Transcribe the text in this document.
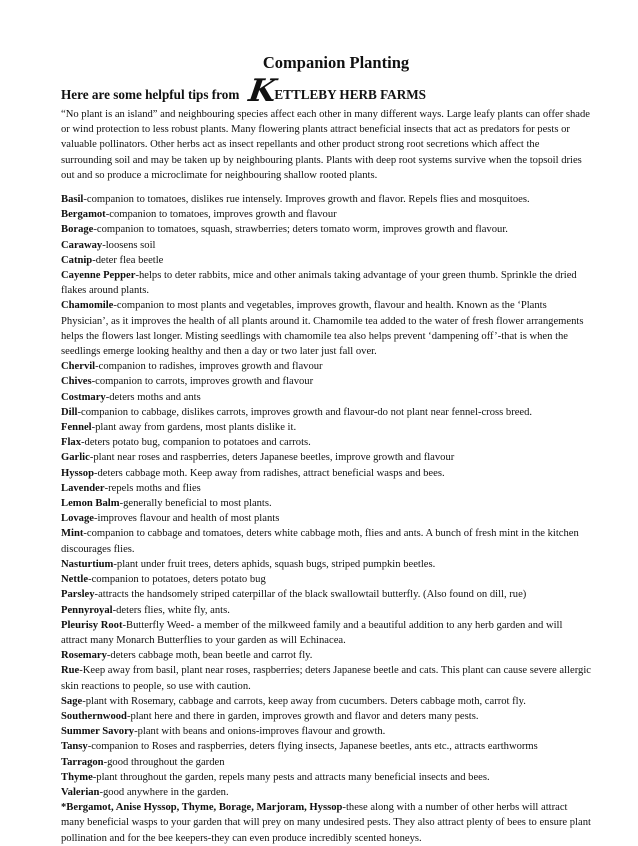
Companion Planting
Here are some helpful tips from K
ETTLEBY HERB FARMS

“No plant is an island” and neighbouring species affect each other in many different ways. Large leafy plants can offer shade or wind protection to less robust plants. Many flowering plants attract beneficial insects that act as predators for pests or valuable pollinators. Other herbs act as insect repellants and other product strong root secretions which affect the surrounding soil and may be taken up by neighbouring plants. Plants with deep root systems survive when the topsoil dries out and so produce a microclimate for neighbouring shallow rooted plants.

Basil-companion to tomatoes, dislikes rue intensely. Improves growth and flavor. Repels flies and mosquitoes.

Bergamot-companion to tomatoes, improves growth and flavour

Borage-companion to tomatoes, squash, strawberries; deters tomato worm, improves growth and flavour.

Caraway-loosens soil

Catnip-deter flea beetle

Cayenne Pepper-helps to deter rabbits, mice and other animals taking advantage of your green thumb. Sprinkle the dried flakes around plants.

Chamomile-companion to most plants and vegetables, improves growth, flavour and health. Known as the ‘Plants Physician’, as it improves the health of all plants around it. Chamomile tea added to the water of fresh flower arrangements helps the flowers last longer. Misting seedlings with chamomile tea also helps prevent ‘dampening off’-that is when the seedlings emerge looking healthy and then a day or two later just fall over.

Chervil-companion to radishes, improves growth and flavour

Chives-companion to carrots, improves growth and flavour

Costmary-deters moths and ants

Dill-companion to cabbage, dislikes carrots, improves growth and flavour-do not plant near fennel-cross breed.

Fennel-plant away from gardens, most plants dislike it.

Flax-deters potato bug, companion to potatoes and carrots.

Garlic-plant near roses and raspberries, deters Japanese beetles, improve growth and flavour

Hyssop-deters cabbage moth. Keep away from radishes, attract beneficial wasps and bees.

Lavender-repels moths and flies

Lemon Balm-generally beneficial to most plants.

Lovage-improves flavour and health of most plants

Mint-companion to cabbage and tomatoes, deters white cabbage moth, flies and ants. A bunch of fresh mint in the kitchen discourages flies.

Nasturtium-plant under fruit trees, deters aphids, squash bugs, striped pumpkin beetles.

Nettle-companion to potatoes, deters potato bug

Parsley-attracts the handsomely striped caterpillar of the black swallowtail butterfly. (Also found on dill, rue)

Pennyroyal-deters flies, white fly, ants.

Pleurisy Root-Butterfly Weed- a member of the milkweed family and a beautiful addition to any herb garden and will attract many Monarch Butterflies to your garden as will Echinacea.

Rosemary-deters cabbage moth, bean beetle and carrot fly.

Rue-Keep away from basil, plant near roses, raspberries; deters Japanese beetle and cats. This plant can cause severe allergic skin reactions to people, so use with caution.

Sage-plant with Rosemary, cabbage and carrots, keep away from cucumbers. Deters cabbage moth, carrot fly.

Southernwood-plant here and there in garden, improves growth and flavor and deters many pests.

Summer Savory-plant with beans and onions-improves flavour and growth.

Tansy-companion to Roses and raspberries, deters flying insects, Japanese beetles, ants etc., attracts earthworms

Tarragon-good throughout the garden

Thyme-plant throughout the garden, repels many pests and attracts many beneficial insects and bees.

Valerian-good anywhere in the garden.

*Bergamot, Anise Hyssop, Thyme, Borage, Marjoram, Hyssop-these along with a number of other herbs will attract many beneficial wasps to your garden that will prey on many undesired pests. They also attract plenty of bees to ensure plant pollination and for the bee keepers-they can even produce incredibly scented honeys.
